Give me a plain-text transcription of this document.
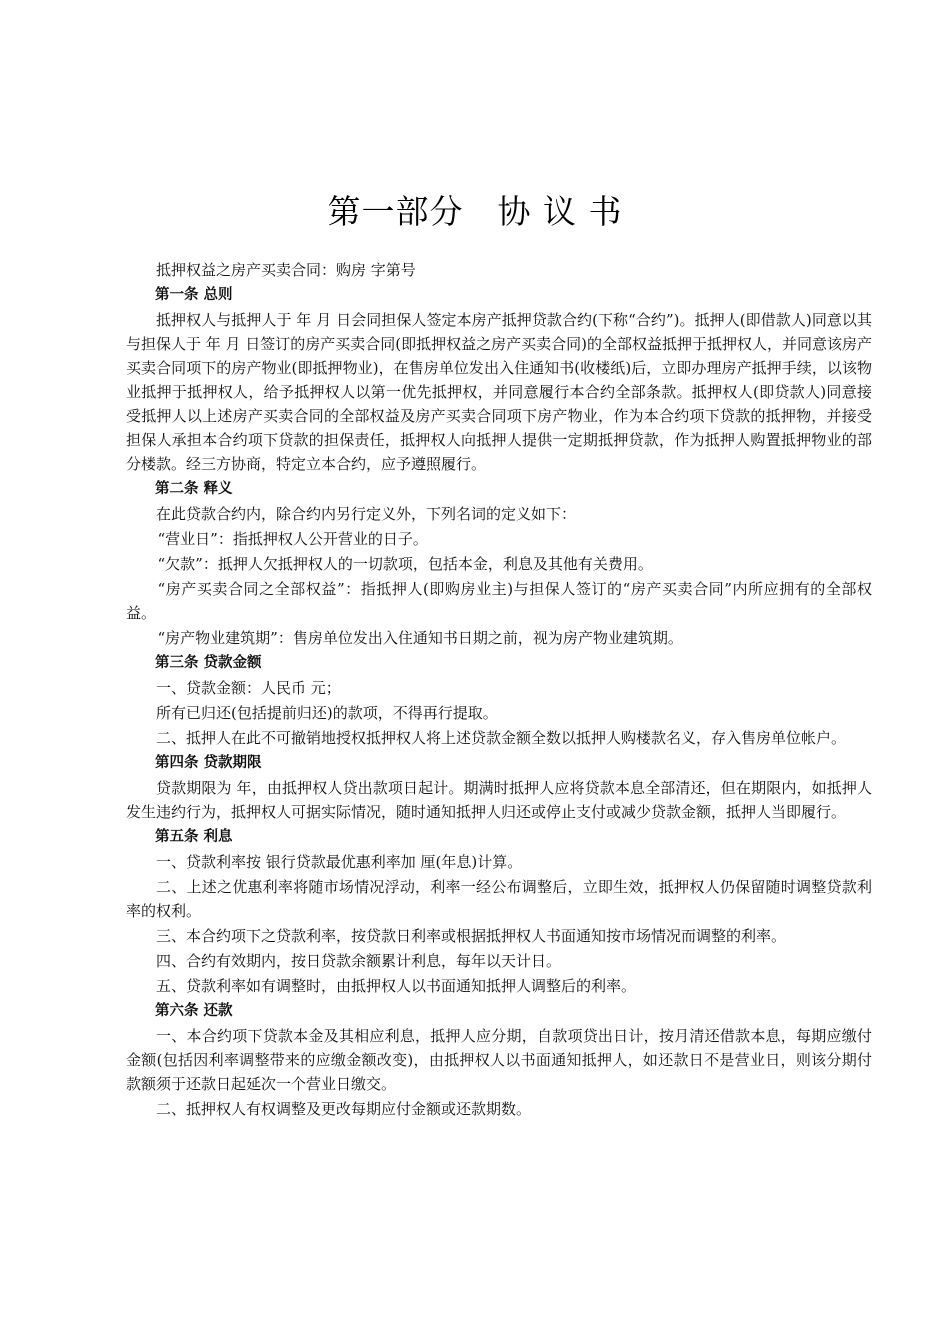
第一部分　协 议 书

抵押权益之房产买卖合同：购房 字第号

第一条 总则

抵押权人与抵押人于 年 月 日会同担保人签定本房产抵押贷款合约(下称“合约”)。抵押人(即借款人)同意以其与担保人于 年 月 日签订的房产买卖合同(即抵押权益之房产买卖合同)的全部权益抵押于抵押权人，并同意该房产买卖合同项下的房产物业(即抵押物业)，在售房单位发出入住通知书(收楼纸)后，立即办理房产抵押手续，以该物业抵押于抵押权人，给予抵押权人以第一优先抵押权，并同意履行本合约全部条款。抵押权人(即贷款人)同意接受抵押人以上述房产买卖合同的全部权益及房产买卖合同项下房产物业，作为本合约项下贷款的抵押物，并接受担保人承担本合约项下贷款的担保责任，抵押权人向抵押人提供一定期抵押贷款，作为抵押人购置抵押物业的部分楼款。经三方协商，特定立本合约，应予遵照履行。

第二条 释义

在此贷款合约内，除合约内另行定义外，下列名词的定义如下：

“营业日”：指抵押权人公开营业的日子。

“欠款”：抵押人欠抵押权人的一切款项，包括本金，利息及其他有关费用。

“房产买卖合同之全部权益”：指抵押人(即购房业主)与担保人签订的“房产买卖合同”内所应拥有的全部权益。

“房产物业建筑期”：售房单位发出入住通知书日期之前，视为房产物业建筑期。

第三条 贷款金额

一、贷款金额：人民币 元；

所有已归还(包括提前归还)的款项，不得再行提取。

二、抵押人在此不可撤销地授权抵押权人将上述贷款金额全数以抵押人购楼款名义，存入售房单位帐户。

第四条 贷款期限

贷款期限为 年，由抵押权人贷出款项日起计。期满时抵押人应将贷款本息全部清还，但在期限内，如抵押人发生违约行为，抵押权人可据实际情况，随时通知抵押人归还或停止支付或减少贷款金额，抵押人当即履行。

第五条 利息

一、贷款利率按 银行贷款最优惠利率加 厘(年息)计算。

二、上述之优惠利率将随市场情况浮动，利率一经公布调整后，立即生效，抵押权人仍保留随时调整贷款利率的权利。

三、本合约项下之贷款利率，按贷款日利率或根据抵押权人书面通知按市场情况而调整的利率。

四、合约有效期内，按日贷款余额累计利息，每年以天计日。

五、贷款利率如有调整时，由抵押权人以书面通知抵押人调整后的利率。

第六条 还款

一、本合约项下贷款本金及其相应利息，抵押人应分期，自款项贷出日计，按月清还借款本息，每期应缴付金额(包括因利率调整带来的应缴金额改变)，由抵押权人以书面通知抵押人，如还款日不是营业日，则该分期付款额须于还款日起延次一个营业日缴交。

二、抵押权人有权调整及更改每期应付金额或还款期数。
